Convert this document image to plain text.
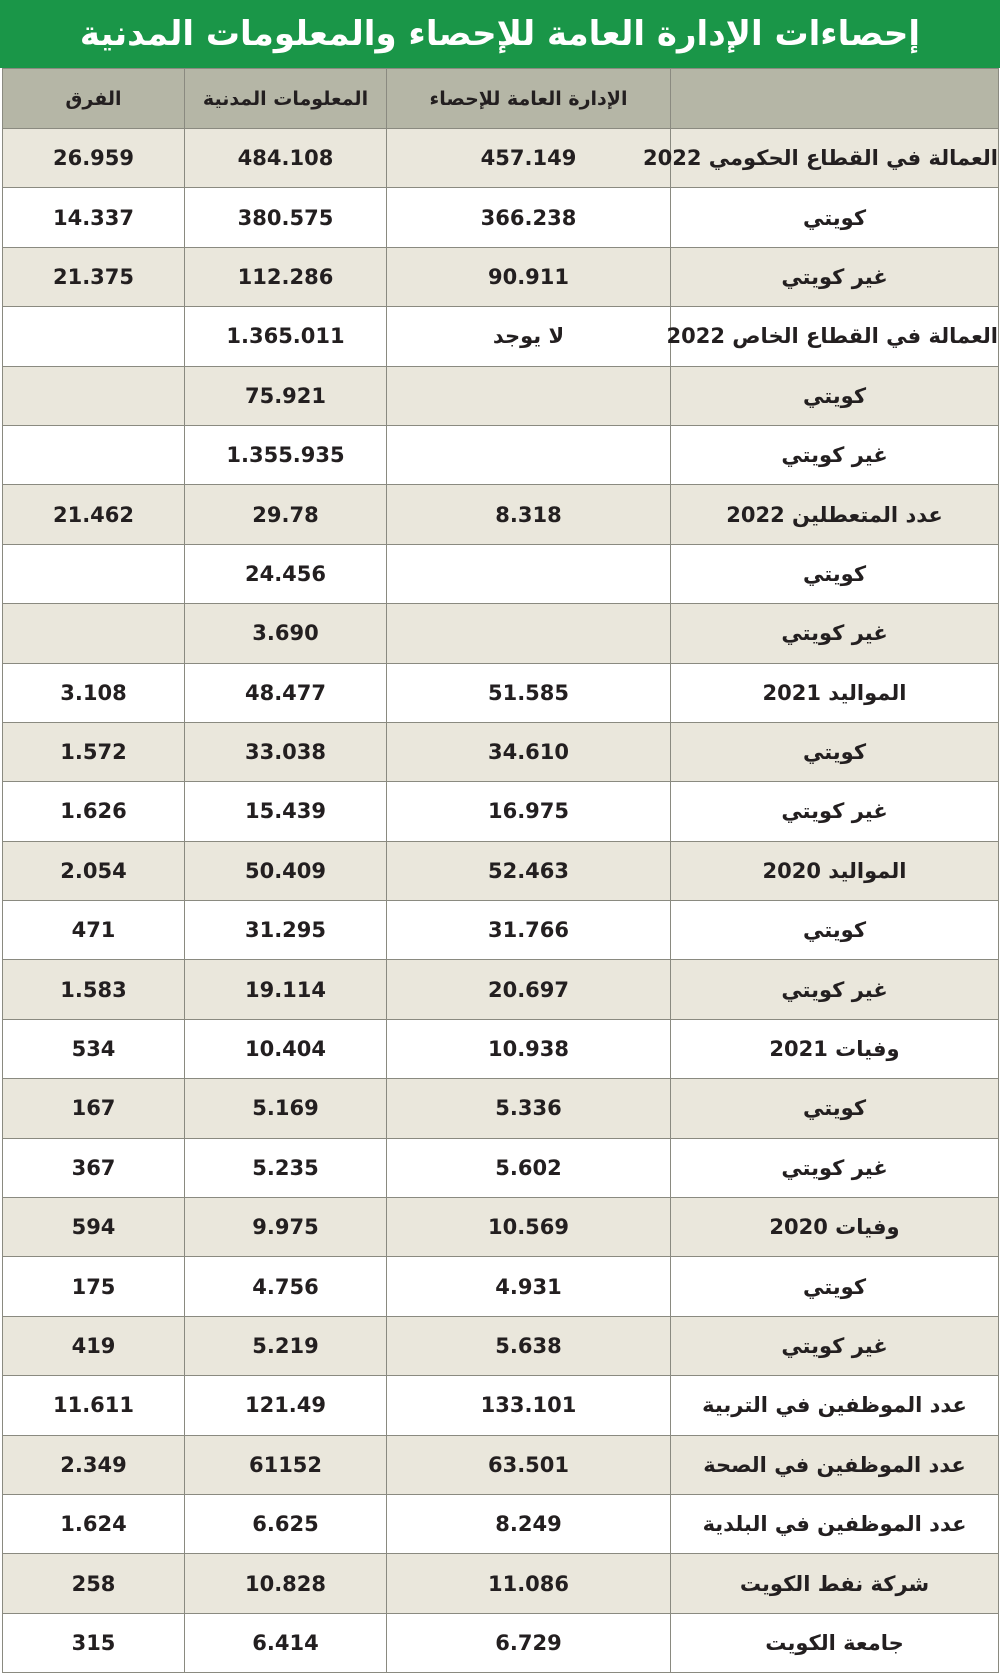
إحصاءات الإدارة العامة للإحصاء والمعلومات المدنية
	الإدارة العامة للإحصاء	المعلومات المدنية	الفرق
العمالة في القطاع الحكومي 2022	457.149	484.108	26.959
كويتي	366.238	380.575	14.337
غير كويتي	90.911	112.286	21.375
العمالة في القطاع الخاص 2022	لا يوجد	1.365.011	
كويتي		75.921	
غير كويتي		1.355.935	
عدد المتعطلين 2022	8.318	29.78	21.462
كويتي		24.456	
غير كويتي		3.690	
المواليد 2021	51.585	48.477	3.108
كويتي	34.610	33.038	1.572
غير كويتي	16.975	15.439	1.626
المواليد 2020	52.463	50.409	2.054
كويتي	31.766	31.295	471
غير كويتي	20.697	19.114	1.583
وفيات 2021	10.938	10.404	534
كويتي	5.336	5.169	167
غير كويتي	5.602	5.235	367
وفيات 2020	10.569	9.975	594
كويتي	4.931	4.756	175
غير كويتي	5.638	5.219	419
عدد الموظفين في التربية	133.101	121.49	11.611
عدد الموظفين في الصحة	63.501	61152	2.349
عدد الموظفين في البلدية	8.249	6.625	1.624
شركة نفط الكويت	11.086	10.828	258
جامعة الكويت	6.729	6.414	315
